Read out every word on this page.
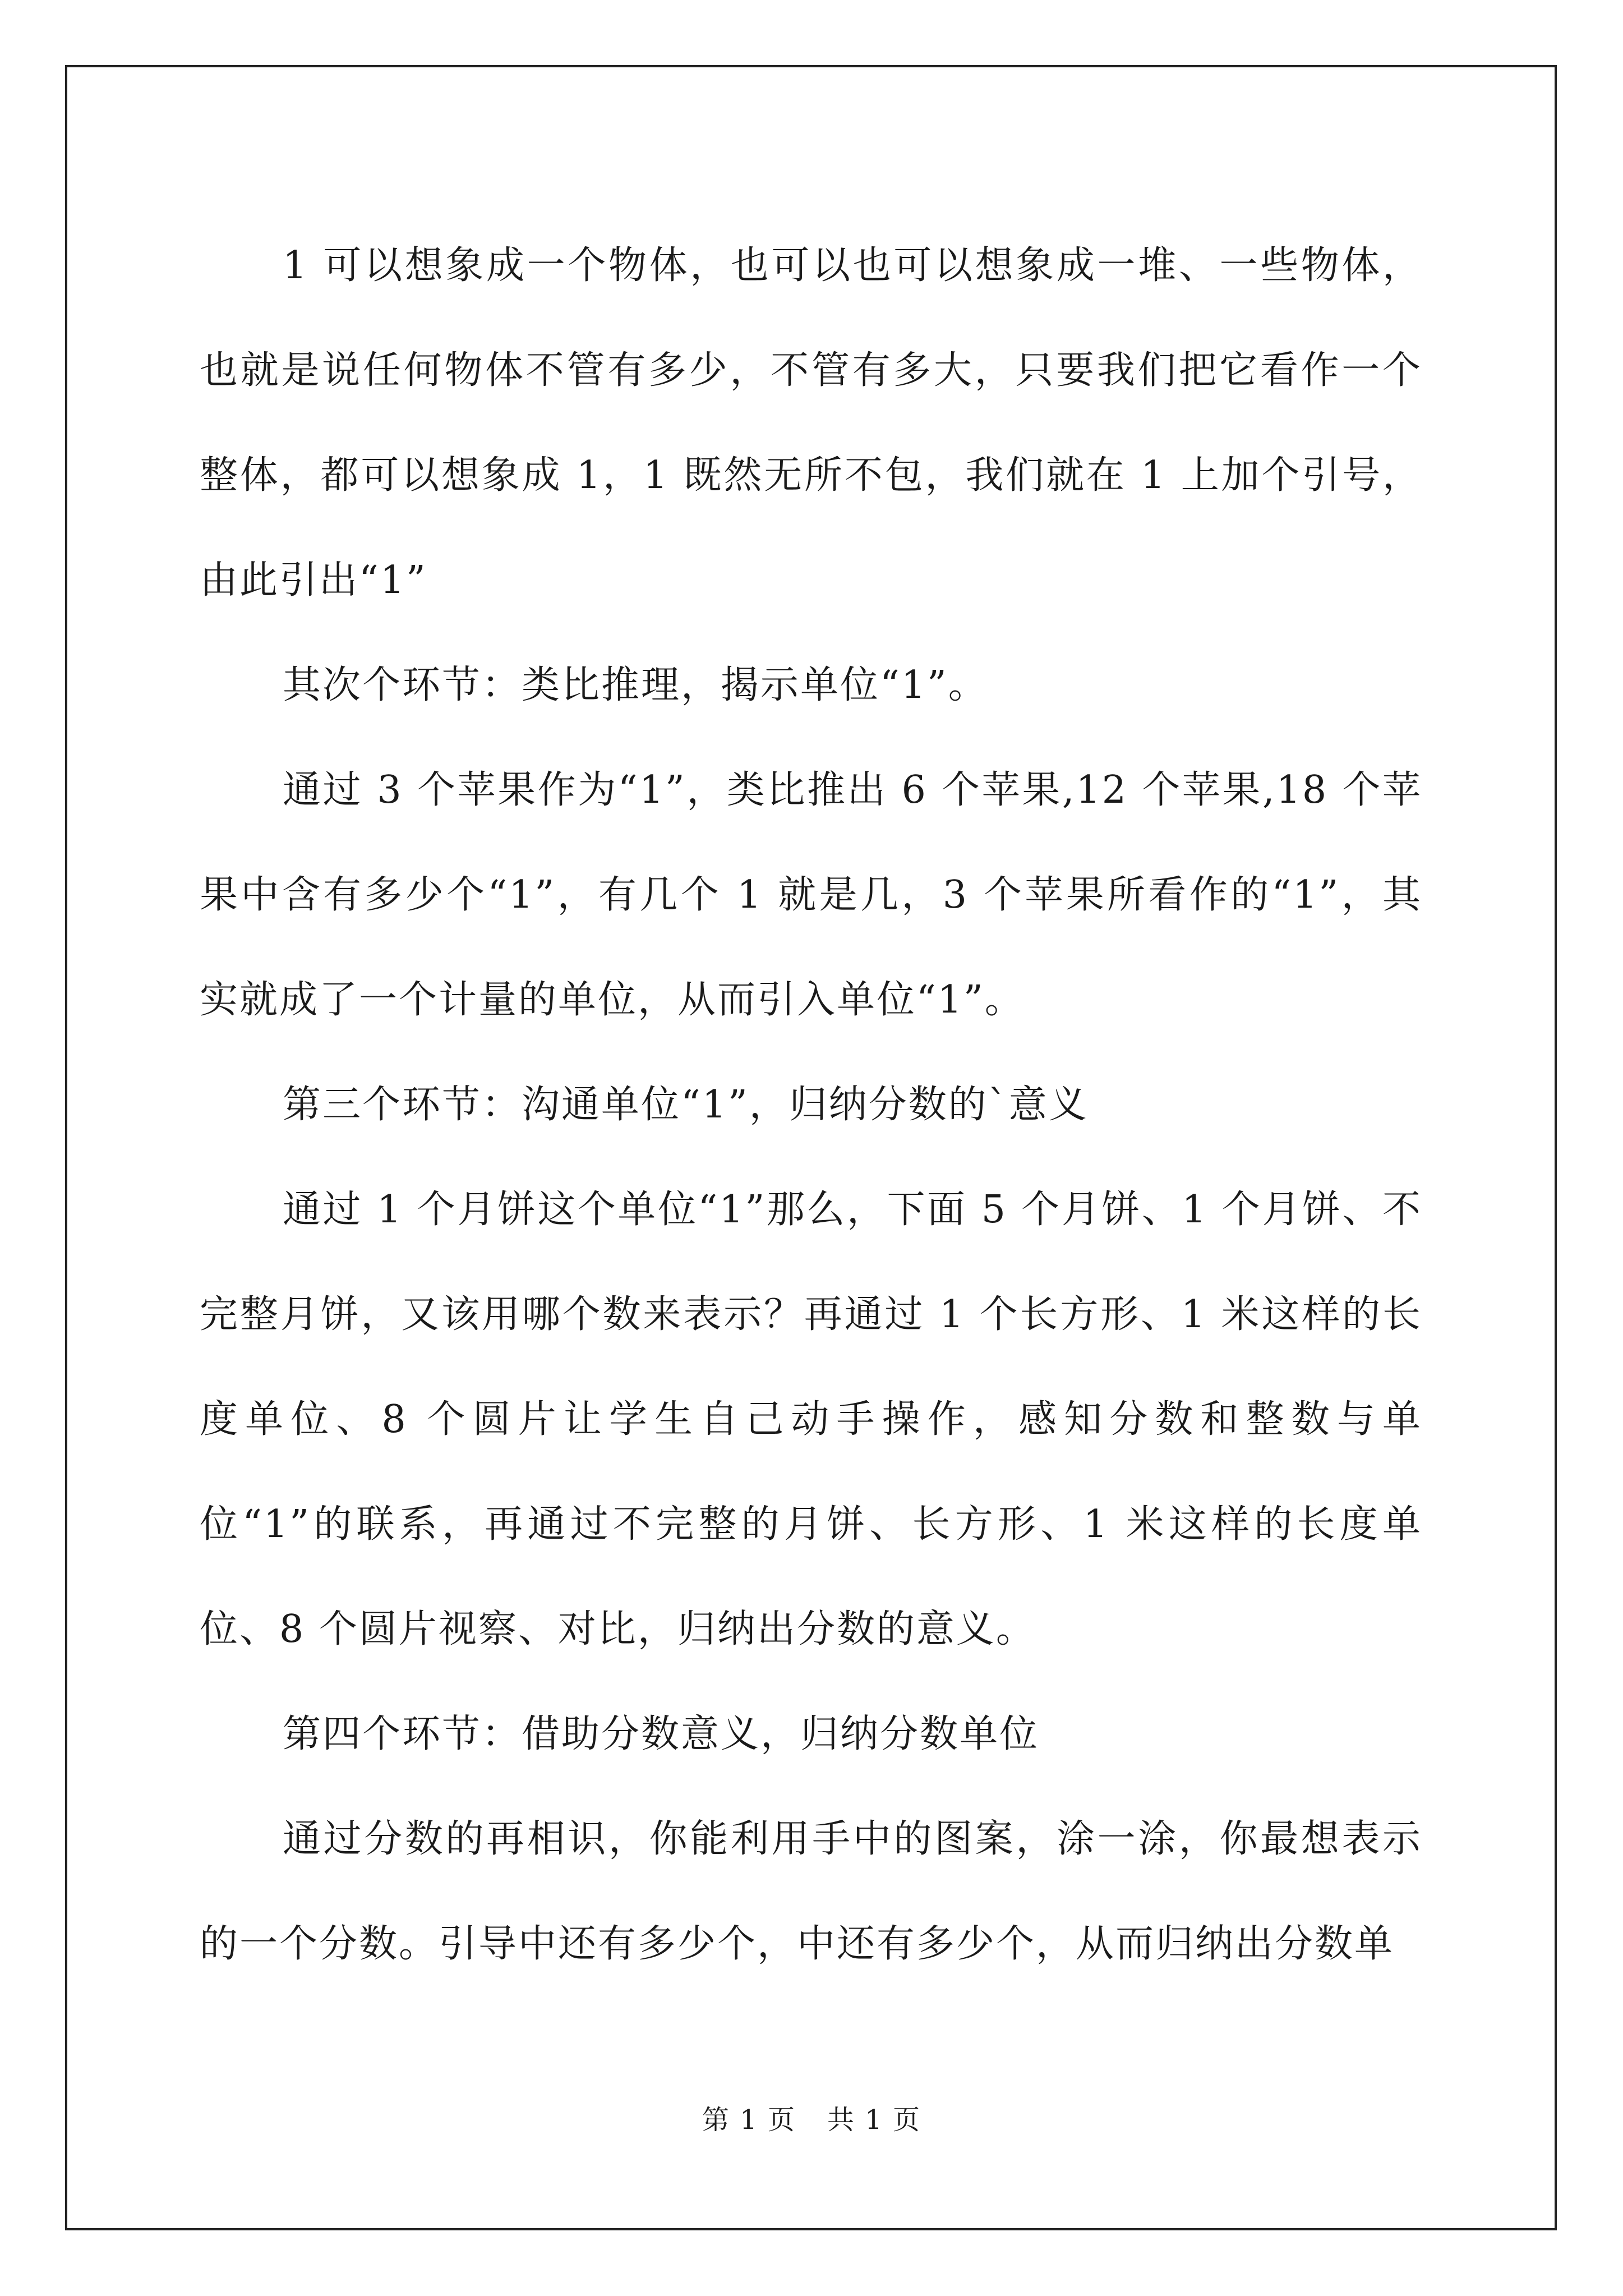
1 可以想象成一个物体，也可以也可以想象成一堆、一些物体，也就是说任何物体不管有多少，不管有多大，只要我们把它看作一个整体，都可以想象成 1，1 既然无所不包，我们就在 1 上加个引号，由此引出“1”

其次个环节：类比推理，揭示单位“1”。

通过 3 个苹果作为“1”，类比推出 6 个苹果,12 个苹果,18 个苹果中含有多少个“1”，有几个 1 就是几，3 个苹果所看作的“1”，其实就成了一个计量的单位，从而引入单位“1”。

第三个环节：沟通单位“1”，归纳分数的`意义

通过 1 个月饼这个单位“1”那么，下面 5 个月饼、1 个月饼、不完整月饼，又该用哪个数来表示？再通过 1 个长方形、1 米这样的长度单位、8 个圆片让学生自己动手操作，感知分数和整数与单位“1”的联系，再通过不完整的月饼、长方形、1 米这样的长度单位、8 个圆片视察、对比，归纳出分数的意义。

第四个环节：借助分数意义，归纳分数单位

通过分数的再相识，你能利用手中的图案，涂一涂，你最想表示的一个分数。引导中还有多少个，中还有多少个，从而归纳出分数单

第 1 页 共 1 页
